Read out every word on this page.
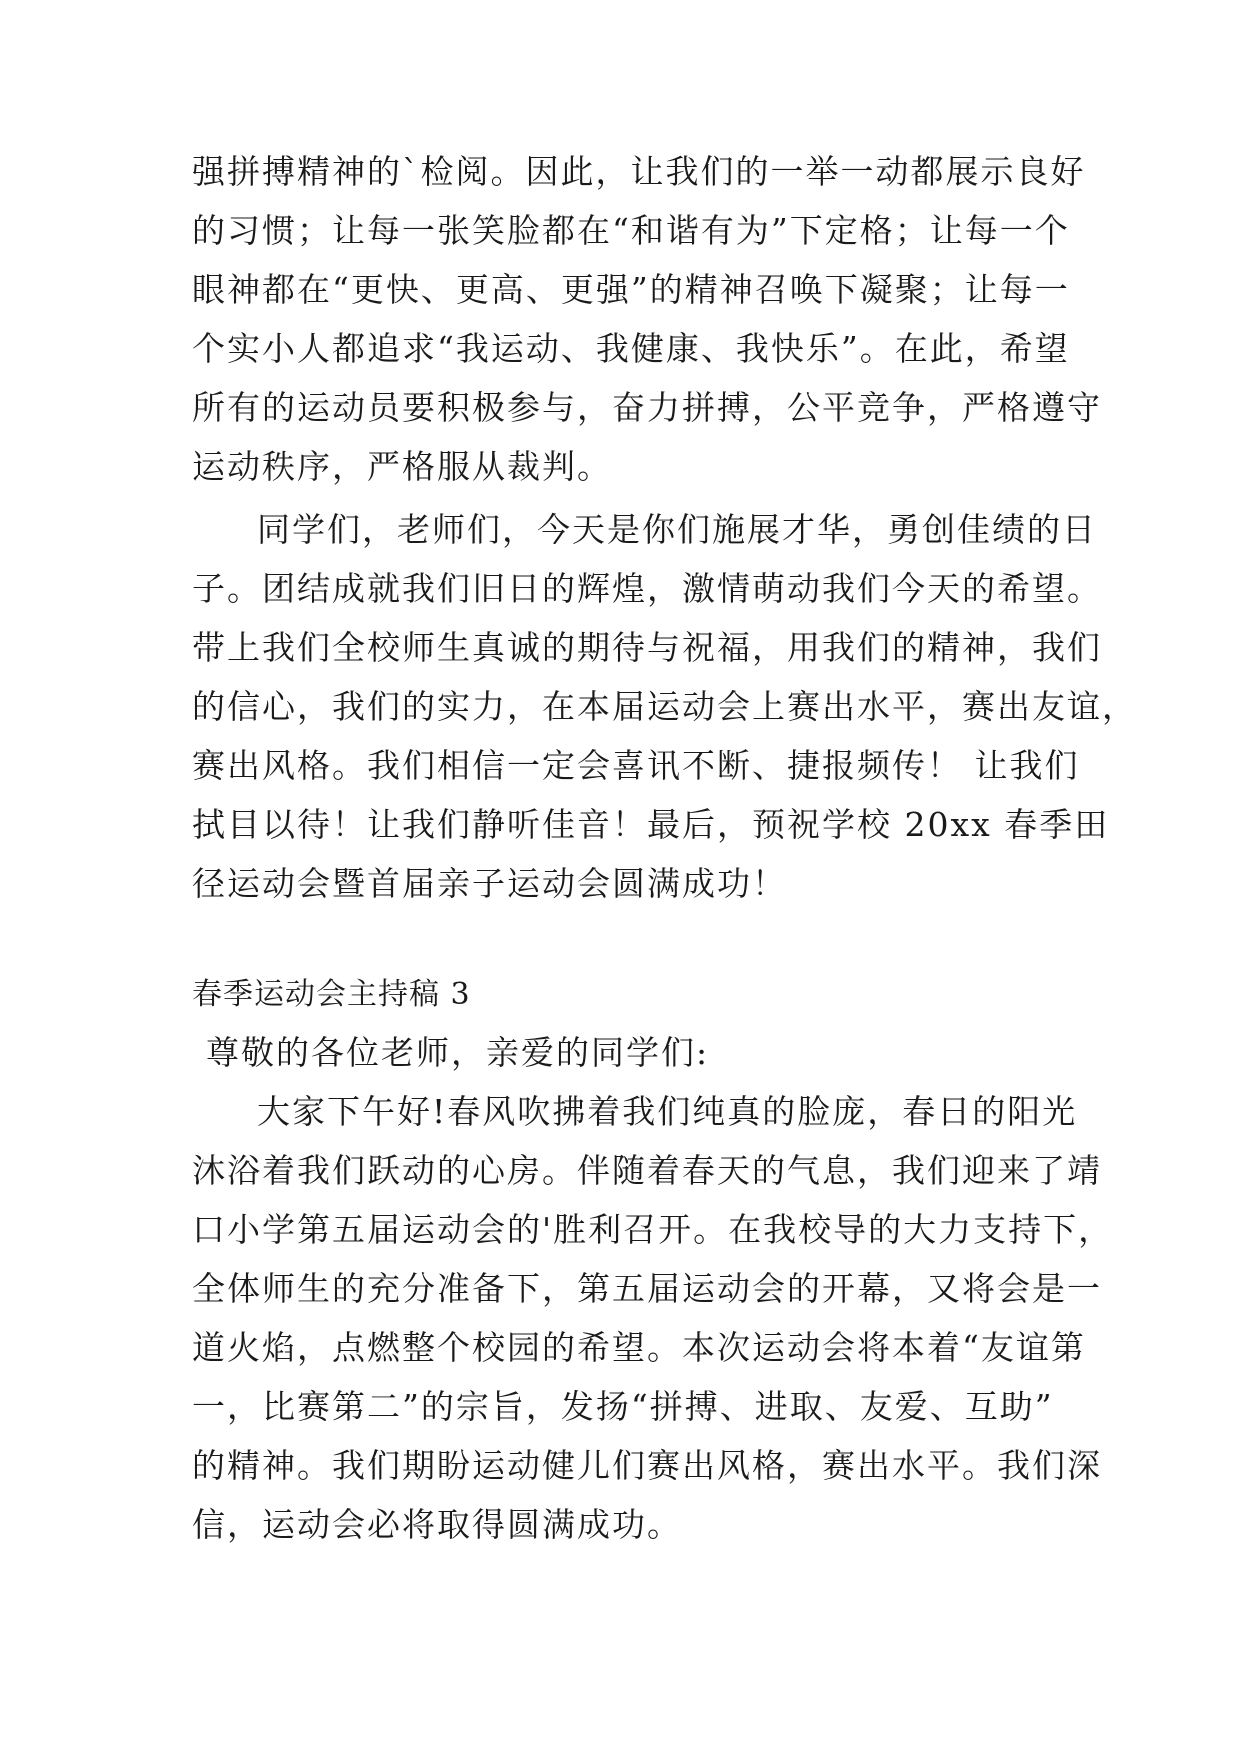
强拼搏精神的`检阅。因此，让我们的一举一动都展示良好
的习惯；让每一张笑脸都在“和谐有为”下定格；让每一个
眼神都在“更快、更高、更强”的精神召唤下凝聚；让每一
个实小人都追求“我运动、我健康、我快乐”。在此，希望
所有的运动员要积极参与，奋力拼搏，公平竞争，严格遵守
运动秩序，严格服从裁判。
同学们，老师们，今天是你们施展才华，勇创佳绩的日
子。团结成就我们旧日的辉煌，激情萌动我们今天的希望。
带上我们全校师生真诚的期待与祝福，用我们的精神，我们
的信心，我们的实力，在本届运动会上赛出水平，赛出友谊，
赛出风格。我们相信一定会喜讯不断、捷报频传！ 让我们
拭目以待！让我们静听佳音！最后，预祝学校 20xx 春季田
径运动会暨首届亲子运动会圆满成功！
春季运动会主持稿 3
尊敬的各位老师，亲爱的同学们:
大家下午好!春风吹拂着我们纯真的脸庞，春日的阳光
沐浴着我们跃动的心房。伴随着春天的气息，我们迎来了靖
口小学第五届运动会的'胜利召开。在我校导的大力支持下，
全体师生的充分准备下，第五届运动会的开幕，又将会是一
道火焰，点燃整个校园的希望。本次运动会将本着“友谊第
一，比赛第二”的宗旨，发扬“拼搏、进取、友爱、互助”
的精神。我们期盼运动健儿们赛出风格，赛出水平。我们深
信，运动会必将取得圆满成功。
